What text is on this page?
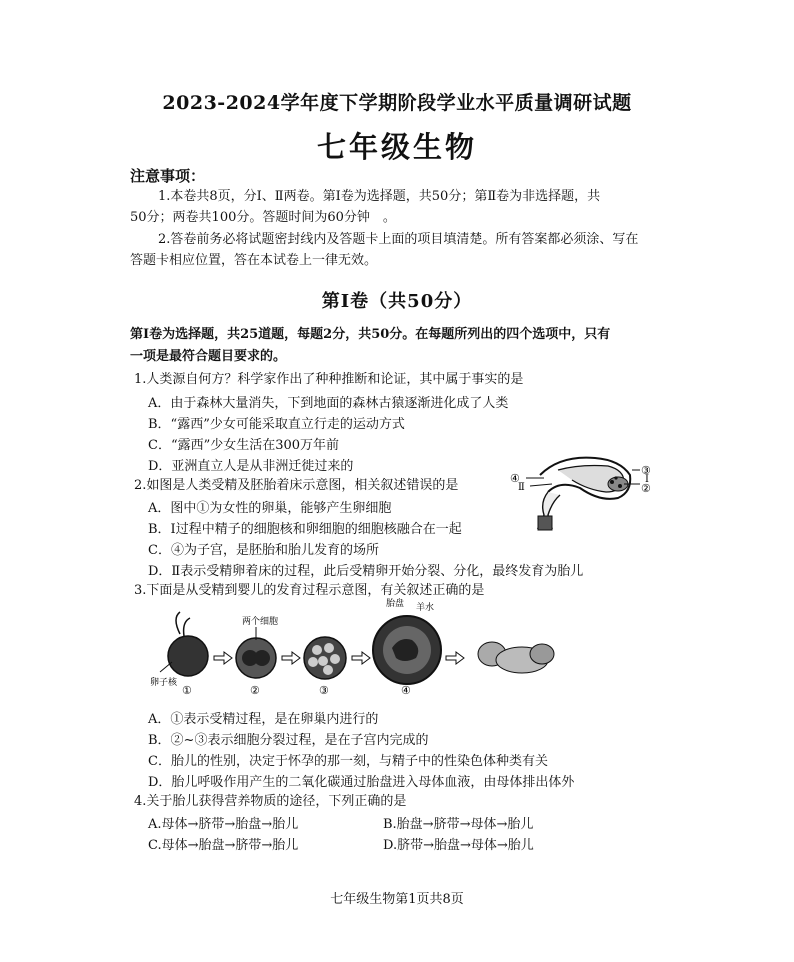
2023-2024学年度下学期阶段学业水平质量调研试题
七年级生物
注意事项：
1.本卷共8页，分Ⅰ、Ⅱ两卷。第Ⅰ卷为选择题，共50分；第Ⅱ卷为非选择题，共
50分；两卷共100分。答题时间为60分钟　。
2.答卷前务必将试题密封线内及答题卡上面的项目填清楚。所有答案都必须涂、写在
答题卡相应位置，答在本试卷上一律无效。
第Ⅰ卷（共50分）
第Ⅰ卷为选择题，共25道题，每题2分，共50分。在每题所列出的四个选项中，只有
一项是最符合题目要求的。
1.人类源自何方？科学家作出了种种推断和论证，其中属于事实的是
A．由于森林大量消失，下到地面的森林古猿逐渐进化成了人类
B．“露西”少女可能采取直立行走的运动方式
C．“露西”少女生活在300万年前
D．亚洲直立人是从非洲迁徙过来的
2.如图是人类受精及胚胎着床示意图，相关叙述错误的是
A．图中①为女性的卵巢，能够产生卵细胞
B．Ⅰ过程中精子的细胞核和卵细胞的细胞核融合在一起
C．④为子宫，是胚胎和胎儿发育的场所
D．Ⅱ表示受精卵着床的过程，此后受精卵开始分裂、分化，最终发育为胎儿
③
Ⅰ
②
④
Ⅱ
3.下面是从受精到婴儿的发育过程示意图，有关叙述正确的是
卵子核
①
两个细胞
②	③
胎盘 羊水
④
A．①表示受精过程，是在卵巢内进行的
B．②~③表示细胞分裂过程，是在子宫内完成的
C．胎儿的性别，决定于怀孕的那一刻，与精子中的性染色体种类有关
D．胎儿呼吸作用产生的二氧化碳通过胎盘进入母体血液，由母体排出体外
4.关于胎儿获得营养物质的途径，下列正确的是
A.母体→脐带→胎盘→胎儿	B.胎盘→脐带→母体→胎儿
C.母体→胎盘→脐带→胎儿	D.脐带→胎盘→母体→胎儿
七年级生物第1页共8页
